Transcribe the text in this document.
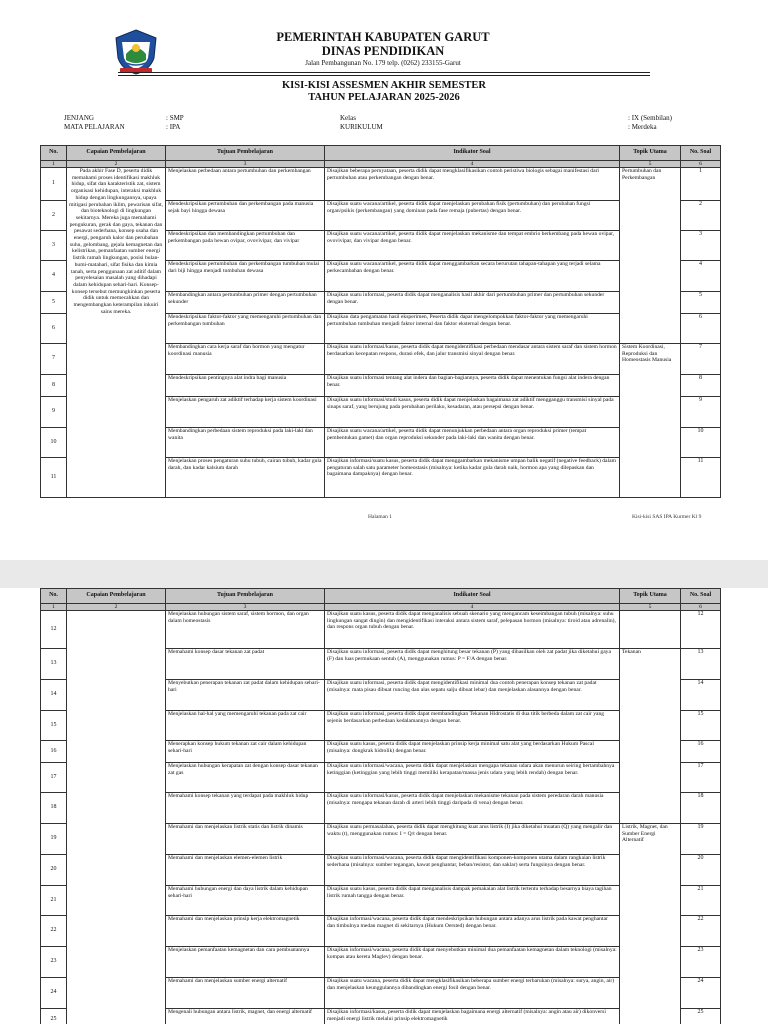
PEMERINTAH KABUPATEN GARUT
DINAS PENDIDIKAN
Jalan Pembangunan No. 179 telp. (0262) 233155-Garut
KISI-KISI ASSESMEN AKHIR SEMESTER
TAHUN PELAJARAN 2025-2026
JENJANG	: SMP
MATA PELAJARAN	: IPA
Kelas	: IX (Sembilan)
KURIKULUM	: Merdeka
No.	Capaian Pembelajaran	Tujuan Pembelajaran	Indikator Soal	Topik Utama	No. Soal
1	2	3	4	5	6
1	Pada akhir Fase D, peserta didik memahami proses identifikasi makhluk hidup, sifat dan karakteristik zat, sistem organisasi kehidupan, interaksi makhluk hidup dengan lingkungannya, upaya mitigasi perubahan iklim, pewarisan sifat, dan bioteknologi di lingkungan sekitarnya. Mereka juga memahami pengukuran, gerak dan gaya, tekanan dan pesawat sederhana, konsep usaha dan energi, pengaruh kalor dan perubahan suhu, gelombang, gejala kemagnetan dan kelistrikan, pemanfaatan sumber energi listrik ramah lingkungan, posisi bulan-bumi-matahari, sifat fisika dan kimia tanah, serta penggunaan zat aditif dalam penyelesaian masalah yang dihadapi dalam kehidupan sehari-hari. Konsep-konsep tersebut memungkinkan peserta didik untuk memecahkan dan mengembangkan keterampilan inkuiri sains mereka.	Menjelaskan perbedaan antara pertumbuhan dan perkembangan	Disajikan beberapa pernyataan, peserta didik dapat mengklasifikasikan contoh peristiwa biologis sebagai manifestasi dari pertumbuhan atau perkembangan dengan benar.	Pertumbuhan dan Perkembangan	1
2		Mendeskripsikan pertumbuhan dan perkembangan pada manusia sejak bayi hingga dewasa	Disajikan suatu wacana/artikel, peserta didik dapat menjelaskan perubahan fisik (pertumbuhan) dan perubahan fungsi organ/psikis (perkembangan) yang dominan pada fase remaja (pubertas) dengan benar.		2
3		Mendeskripsikan dan membandingkan pertumbuhan dan perkembangan pada hewan ovipar, ovovivipar, dan vivipar	Disajikan suatu wacana/artikel, peserta didik dapat menjelaskan mekanisme dan tempat embrio berkembang pada hewan ovipar, ovovivipar, dan vivipar dengan benar.		3
4		Mendeskripsikan pertumbuhan dan perkembangan tumbuhan mulai dari biji hingga menjadi tumbuhan dewasa	Disajikan suatu wacana/artikel, peserta didik dapat menggambarkan secara berurutan tahapan-tahapan yang terjadi selama perkecambahan dengan benar.		4
5		Membandingkan antara pertumbuhan primer dengan pertumbuhan sekunder	Disajikan suatu informasi, peserta didik dapat menganalisis hasil akhir dari pertumbuhan primer dan pertumbuhan sekunder dengan benar.		5
6		Mendeskripsikan faktor-faktor yang memengaruhi pertumbuhan dan perkembangan tumbuhan	Disajikan data pengamatan hasil eksperimen, Peserta didik dapat mengelompokkan faktor-faktor yang memengaruhi pertumbuhan tumbuhan menjadi faktor internal dan faktor eksternal dengan benar.		6
7		Membandingkan cara kerja saraf dan hormon yang mengatur koordinasi manusia	Disajikan suatu informasi/kasus, peserta didik dapat mengidentifikasi perbedaan mendasar antara sistem saraf dan sistem hormon berdasarkan kecepatan respons, durasi efek, dan jalur transmisi sinyal dengan benar.	Sistem Koordinasi, Reproduksi dan Homeostasis Manusia	7
8		Mendeskripsikan pentingnya alat indra bagi manusia	Disajikan suatu informasi tentang alat indera dan bagian-bagiannya, peserta didik dapat menentukan fungsi alat indera dengan benar.		8
9		Menjelaskan pengaruh zat adiktif terhadap kerja sistem koordinasi	Disajikan suatu informasi/studi kasus, peserta didik dapat menjelaskan bagaimana zat adiktif mengganggu transmisi sinyal pada sinaps saraf, yang berujung pada perubahan perilaku, kesadaran, atau persepsi dengan benar.		9
10		Membandingkan perbedaan sistem reproduksi pada laki-laki dan wanita	Disajikan suatu wacana/artikel, peserta didik dapat menunjukkan perbedaan antara organ reproduksi primer (tempat pembentukan gamet) dan organ reproduksi sekunder pada laki-laki dan wanita dengan benar.		10
11		Menjelaskan proses pengaturan suhu tubuh, cairan tubuh, kadar gula darah, dan kadar kalsium darah	Disajikan informasi/suatu kasus, peserta didik dapat menggambarkan mekanisme umpan balik negatif (negative feedback) dalam pengaturan salah satu parameter homeostasis (misalnya: ketika kadar gula darah naik, hormon apa yang dilepaskan dan bagaimana dampaknya) dengan benar.		11
Halaman 1	Kisi-kisi SAS IPA Kurmer Kl 9
No.	Capaian Pembelajaran	Tujuan Pembelajaran	Indikator Soal	Topik Utama	No. Soal
1	2	3	4	5	6
12		Menjelaskan hubungan sistem saraf, sistem hormon, dan organ dalam homeostasis	Disajikan suatu kasus, peserta didik dapat menganalisis sebuah skenario yang mengancam keseimbangan tubuh (misalnya: suhu lingkungan sangat dingin) dan mengidentifikasi interaksi antara sistem saraf, pelepasan hormon (misalnya: tiroid atau adrenalin), dan respons organ tubuh dengan benar.		12
13		Memahami konsep dasar tekanan zat padat	Disajikan suatu informasi, peserta didik dapat menghitung besar tekanan (P) yang dihasilkan oleh zat padat jika diketahui gaya (F) dan luas permukaan sentuh (A), menggunakan rumus: P = F/A dengan benar.	Tekanan	13
14		Menyebutkan penerapan tekanan zat padat dalam kehidupan sehari-hari	Disajikan suatu informasi, peserta didik dapat mengidentifikasi minimal dua contoh penerapan konsep tekanan zat padat (misalnya: mata pisau dibuat runcing dan alas sepatu salju dibuat lebar) dan menjelaskan alasannya dengan benar.		14
15		Menjelaskan hal-hal yang memengaruhi tekanan pada zat cair	Disajikan suatu informasi, peserta didik dapat membandingkan Tekanan Hidrostatis di dua titik berbeda dalam zat cair yang sejenis berdasarkan perbedaan kedalamannya dengan benar.		15
16		Menerapkan konsep hukum tekanan zat cair dalam kehidupan sehari-hari	Disajikan suatu kasus, peserta didik dapat menjelaskan prinsip kerja minimal satu alat yang berdasarkan Hukum Pascal (misalnya: dongkrak hidrolik) dengan benar.		16
17		Menjelaskan hubungan kerapatan zat dengan konsep dasar tekanan zat gas	Disajikan suatu informasi/wacana, peserta didik dapat menjelaskan mengapa tekanan udara akan menurun seiring bertambahnya ketinggian (ketinggian yang lebih tinggi memiliki kerapatan/massa jenis udara yang lebih rendah) dengan benar.		17
18		Memahami konsep tekanan yang terdapat pada makhluk hidup	Disajikan suatu informasi/kasus, peserta didik dapat menjelaskan mekanisme tekanan pada sistem peredaran darah manusia (misalnya: mengapa tekanan darah di arteri lebih tinggi daripada di vena) dengan benar.		18
19		Memahami dan menjelaskan listrik statis dan listrik dinamis	Disajikan suatu permasalahan, peserta didik dapat menghitung kuat arus listrik (I) jika diketahui muatan (Q) yang mengalir dan waktu (t), menggunakan rumus: I = Q/t dengan benar.	Listrik, Magnet, dan Sumber Energi Alternatif	19
20		Memahami dan menjelaskan elemen-elemen listrik	Disajikan suatu informasi/wacana, peserta didik dapat mengidentifikasi komponen-komponen utama dalam rangkaian listrik sederhana (misalnya: sumber tegangan, kawat penghantar, beban/resistor, dan saklar) serta fungsinya dengan benar.		20
21		Memahami hubungan energi dan daya listrik dalam kehidupan sehari-hari	Disajikan suatu kasus, peserta didik dapat menganalisis dampak pemakaian alat listrik tertentu terhadap besarnya biaya tagihan listrik rumah tangga dengan benar.		21
22		Memahami dan menjelaskan prinsip kerja elektromagnetik	Disajikan informasi/wacana, peserta didik dapat mendeskripsikan hubungan antara adanya arus listrik pada kawat penghantar dan timbulnya medan magnet di sekitarnya (Hukum Oersted) dengan benar.		22
23		Menjelaskan pemanfaatan kemagnetan dan cara pembuatannya	Disajikan informasi/wacana, peserta didik dapat menyebutkan minimal dua pemanfaatan kemagnetan dalam teknologi (misalnya: kompas atau kereta Maglev) dengan benar.		23
24		Memahami dan menjelaskan sumber energi alternatif	Disajikan suatu wacana, peserta didik dapat mengklasifikasikan beberapa sumber energi terbarukan (misalnya: surya, angin, air) dan menjelaskan keunggulannya dibandingkan energi fosil dengan benar.		24
25		Mengenali hubungan antara listrik, magnet, dan energi alternatif	Disajikan informasi/kasus, peserta didik dapat menjelaskan bagaimana energi alternatif (misalnya: angin atau air) dikonversi menjadi energi listrik melalui prinsip elektromagnetik		25
